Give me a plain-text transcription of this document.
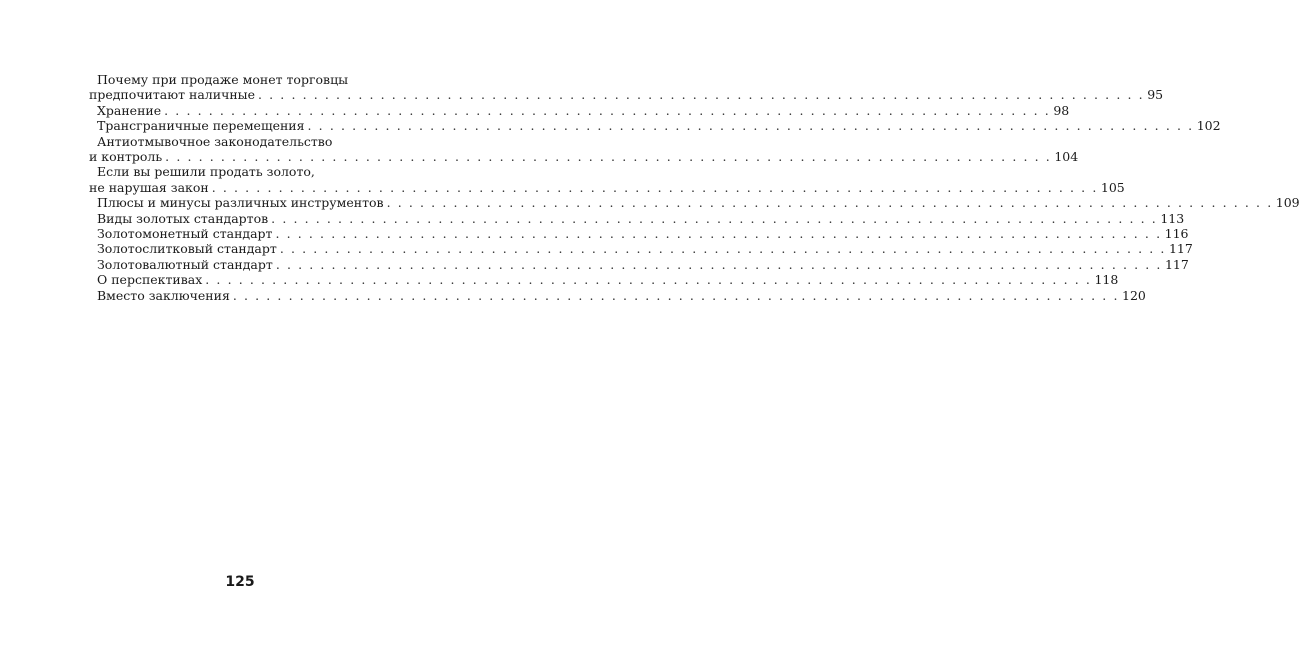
Почему при продаже монет торговцы
предпочитают наличные . . . . . . . . . . . . . . . . . . . . . . . . . . . . . . . . . . . . . . . . . . . . . . . . . . . . . . . . . . . . . . . . . . . . . . . . . . . . . . . . 95
Хранение . . . . . . . . . . . . . . . . . . . . . . . . . . . . . . . . . . . . . . . . . . . . . . . . . . . . . . . . . . . . . . . . . . . . . . . . . . . . . . . . 98
Трансграничные перемещения . . . . . . . . . . . . . . . . . . . . . . . . . . . . . . . . . . . . . . . . . . . . . . . . . . . . . . . . . . . . . . . . . . . . . . . . . . . . . . . . 102
Антиотмывочное законодательство
и контроль . . . . . . . . . . . . . . . . . . . . . . . . . . . . . . . . . . . . . . . . . . . . . . . . . . . . . . . . . . . . . . . . . . . . . . . . . . . . . . . . 104
Если вы решили продать золото,
не нарушая закон . . . . . . . . . . . . . . . . . . . . . . . . . . . . . . . . . . . . . . . . . . . . . . . . . . . . . . . . . . . . . . . . . . . . . . . . . . . . . . . . 105
Плюсы и минусы различных инструментов . . . . . . . . . . . . . . . . . . . . . . . . . . . . . . . . . . . . . . . . . . . . . . . . . . . . . . . . . . . . . . . . . . . . . . . . . . . . . . . . 109
Виды золотых стандартов . . . . . . . . . . . . . . . . . . . . . . . . . . . . . . . . . . . . . . . . . . . . . . . . . . . . . . . . . . . . . . . . . . . . . . . . . . . . . . . . 113
Золотомонетный стандарт . . . . . . . . . . . . . . . . . . . . . . . . . . . . . . . . . . . . . . . . . . . . . . . . . . . . . . . . . . . . . . . . . . . . . . . . . . . . . . . . 116
Золотослитковый стандарт . . . . . . . . . . . . . . . . . . . . . . . . . . . . . . . . . . . . . . . . . . . . . . . . . . . . . . . . . . . . . . . . . . . . . . . . . . . . . . . . 117
Золотовалютный стандарт . . . . . . . . . . . . . . . . . . . . . . . . . . . . . . . . . . . . . . . . . . . . . . . . . . . . . . . . . . . . . . . . . . . . . . . . . . . . . . . . 117
О перспективах . . . . . . . . . . . . . . . . . . . . . . . . . . . . . . . . . . . . . . . . . . . . . . . . . . . . . . . . . . . . . . . . . . . . . . . . . . . . . . . . 118
Вместо заключения . . . . . . . . . . . . . . . . . . . . . . . . . . . . . . . . . . . . . . . . . . . . . . . . . . . . . . . . . . . . . . . . . . . . . . . . . . . . . . . . 120
125
